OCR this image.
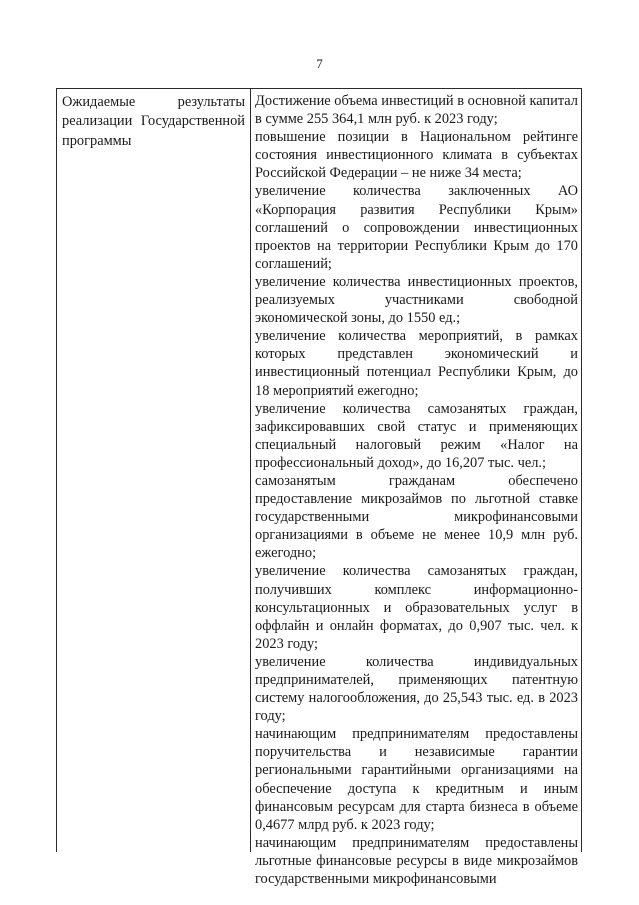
7
Ожидаемые результаты реализации Государственной программы
Достижение объема инвестиций в основной капитал в сумме 255 364,1 млн руб. к 2023 году;
повышение позиции в Национальном рейтинге состояния инвестиционного климата в субъектах Российской Федерации – не ниже 34 места;
увеличение количества заключенных АО «Корпорация развития Республики Крым» соглашений о сопровождении инвестиционных проектов на территории Республики Крым до 170 соглашений;
увеличение количества инвестиционных проектов, реализуемых участниками свободной экономической зоны, до 1550 ед.;
увеличение количества мероприятий, в рамках которых представлен экономический и инвестиционный потенциал Республики Крым, до 18 мероприятий ежегодно;
увеличение количества самозанятых граждан, зафиксировавших свой статус и применяющих специальный налоговый режим «Налог на профессиональный доход», до 16,207 тыс. чел.;
самозанятым гражданам обеспечено предоставление микрозаймов по льготной ставке государственными микрофинансовыми организациями в объеме не менее 10,9 млн руб. ежегодно;
увеличение количества самозанятых граждан, получивших комплекс информационно-консультационных и образовательных услуг в оффлайн и онлайн форматах, до 0,907 тыс. чел. к 2023 году;
увеличение количества индивидуальных предпринимателей, применяющих патентную систему налогообложения, до 25,543 тыс. ед. в 2023 году;
начинающим предпринимателям предоставлены поручительства и независимые гарантии региональными гарантийными организациями на обеспечение доступа к кредитным и иным финансовым ресурсам для старта бизнеса в объеме 0,4677 млрд руб. к 2023 году;
начинающим предпринимателям предоставлены льготные финансовые ресурсы в виде микрозаймов государственными микрофинансовыми
